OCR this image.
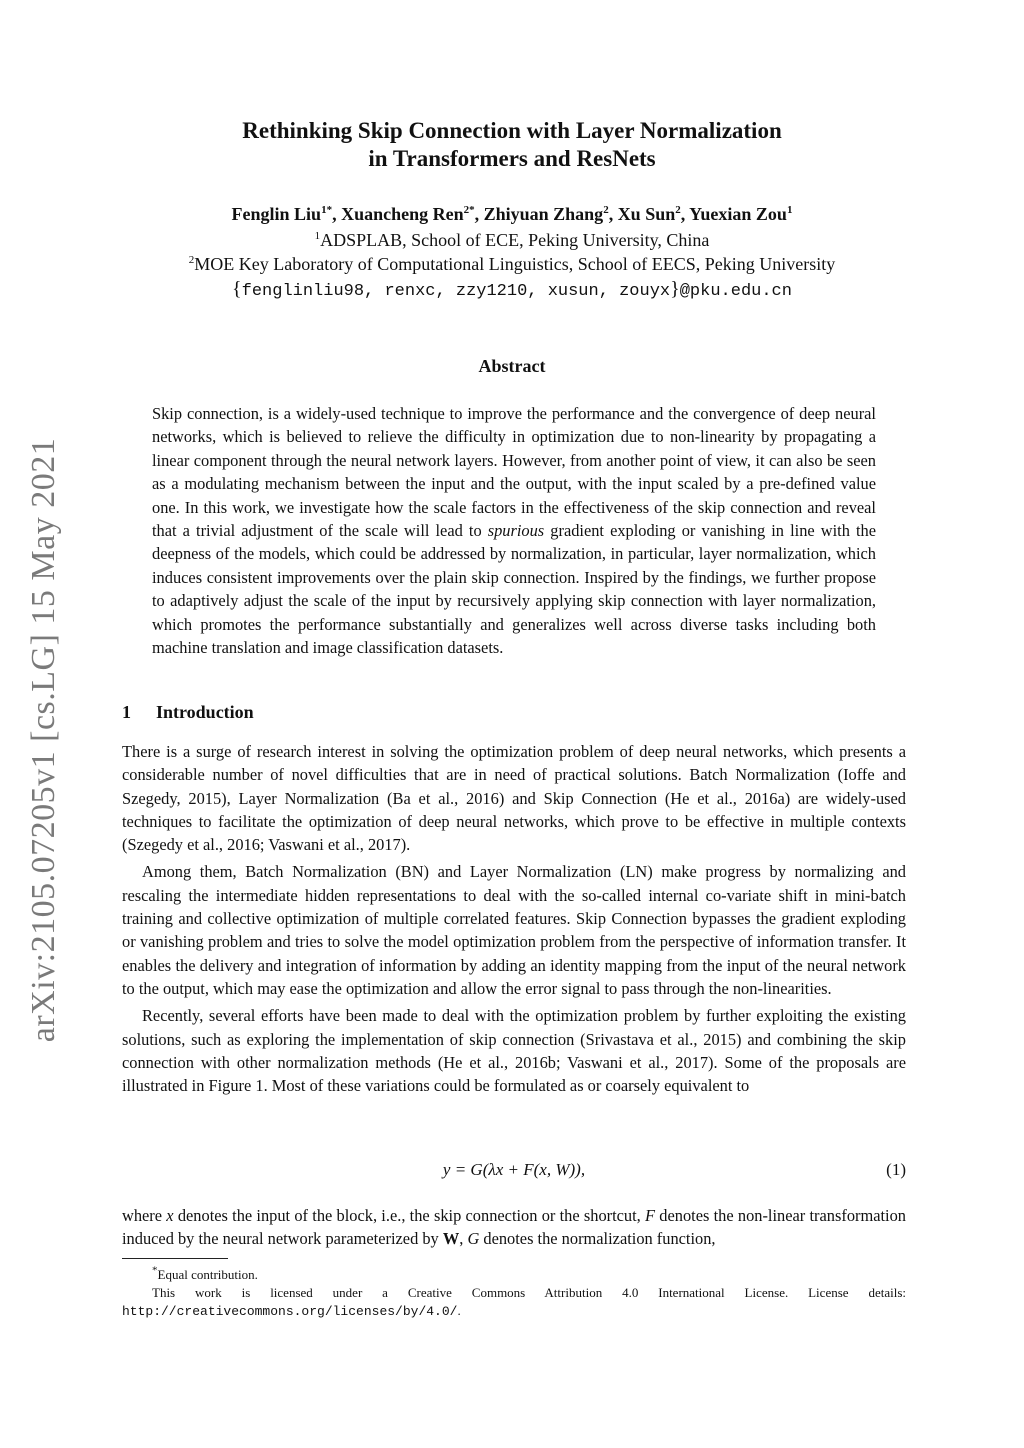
arXiv:2105.07205v1 [cs.LG] 15 May 2021
Rethinking Skip Connection with Layer Normalization
in Transformers and ResNets
Fenglin Liu$^{1*}$, Xuancheng Ren$^{2*}$, Zhiyuan Zhang$^2$, Xu Sun$^2$, Yuexian Zou$^1$
$^1$ADSPLAB, School of ECE, Peking University, China
$^2$MOE Key Laboratory of Computational Linguistics, School of EECS, Peking University
{fenglinliu98, renxc, zzy1210, xusun, zouyx}@pku.edu.cn
Abstract
Skip connection, is a widely-used technique to improve the performance and the convergence of deep neural networks, which is believed to relieve the difficulty in optimization due to non-linearity by propagating a linear component through the neural network layers. However, from another point of view, it can also be seen as a modulating mechanism between the input and the output, with the input scaled by a pre-defined value one. In this work, we investigate how the scale factors in the effectiveness of the skip connection and reveal that a trivial adjustment of the scale will lead to spurious gradient exploding or vanishing in line with the deepness of the models, which could be addressed by normalization, in particular, layer normalization, which induces consistent improvements over the plain skip connection. Inspired by the findings, we further propose to adaptively adjust the scale of the input by recursively applying skip connection with layer normalization, which promotes the performance substantially and generalizes well across diverse tasks including both machine translation and image classification datasets.
1 Introduction

There is a surge of research interest in solving the optimization problem of deep neural networks, which presents a considerable number of novel difficulties that are in need of practical solutions. Batch Normalization (Ioffe and Szegedy, 2015), Layer Normalization (Ba et al., 2016) and Skip Connection (He et al., 2016a) are widely-used techniques to facilitate the optimization of deep neural networks, which prove to be effective in multiple contexts (Szegedy et al., 2016; Vaswani et al., 2017).

Among them, Batch Normalization (BN) and Layer Normalization (LN) make progress by normalizing and rescaling the intermediate hidden representations to deal with the so-called internal co-variate shift in mini-batch training and collective optimization of multiple correlated features. Skip Connection bypasses the gradient exploding or vanishing problem and tries to solve the model optimization problem from the perspective of information transfer. It enables the delivery and integration of information by adding an identity mapping from the input of the neural network to the output, which may ease the optimization and allow the error signal to pass through the non-linearities.

Recently, several efforts have been made to deal with the optimization problem by further exploiting the existing solutions, such as exploring the implementation of skip connection (Srivastava et al., 2015) and combining the skip connection with other normalization methods (He et al., 2016b; Vaswani et al., 2017). Some of the proposals are illustrated in Figure 1. Most of these variations could be formulated as or coarsely equivalent to

y = G(λx + F(x, W)),	(1)

where x denotes the input of the block, i.e., the skip connection or the shortcut, F denotes the non-linear transformation induced by the neural network parameterized by W, G denotes the normalization function,

*Equal contribution.
This work is licensed under a Creative Commons Attribution 4.0 International License. License details: http://creativecommons.org/licenses/by/4.0/.
